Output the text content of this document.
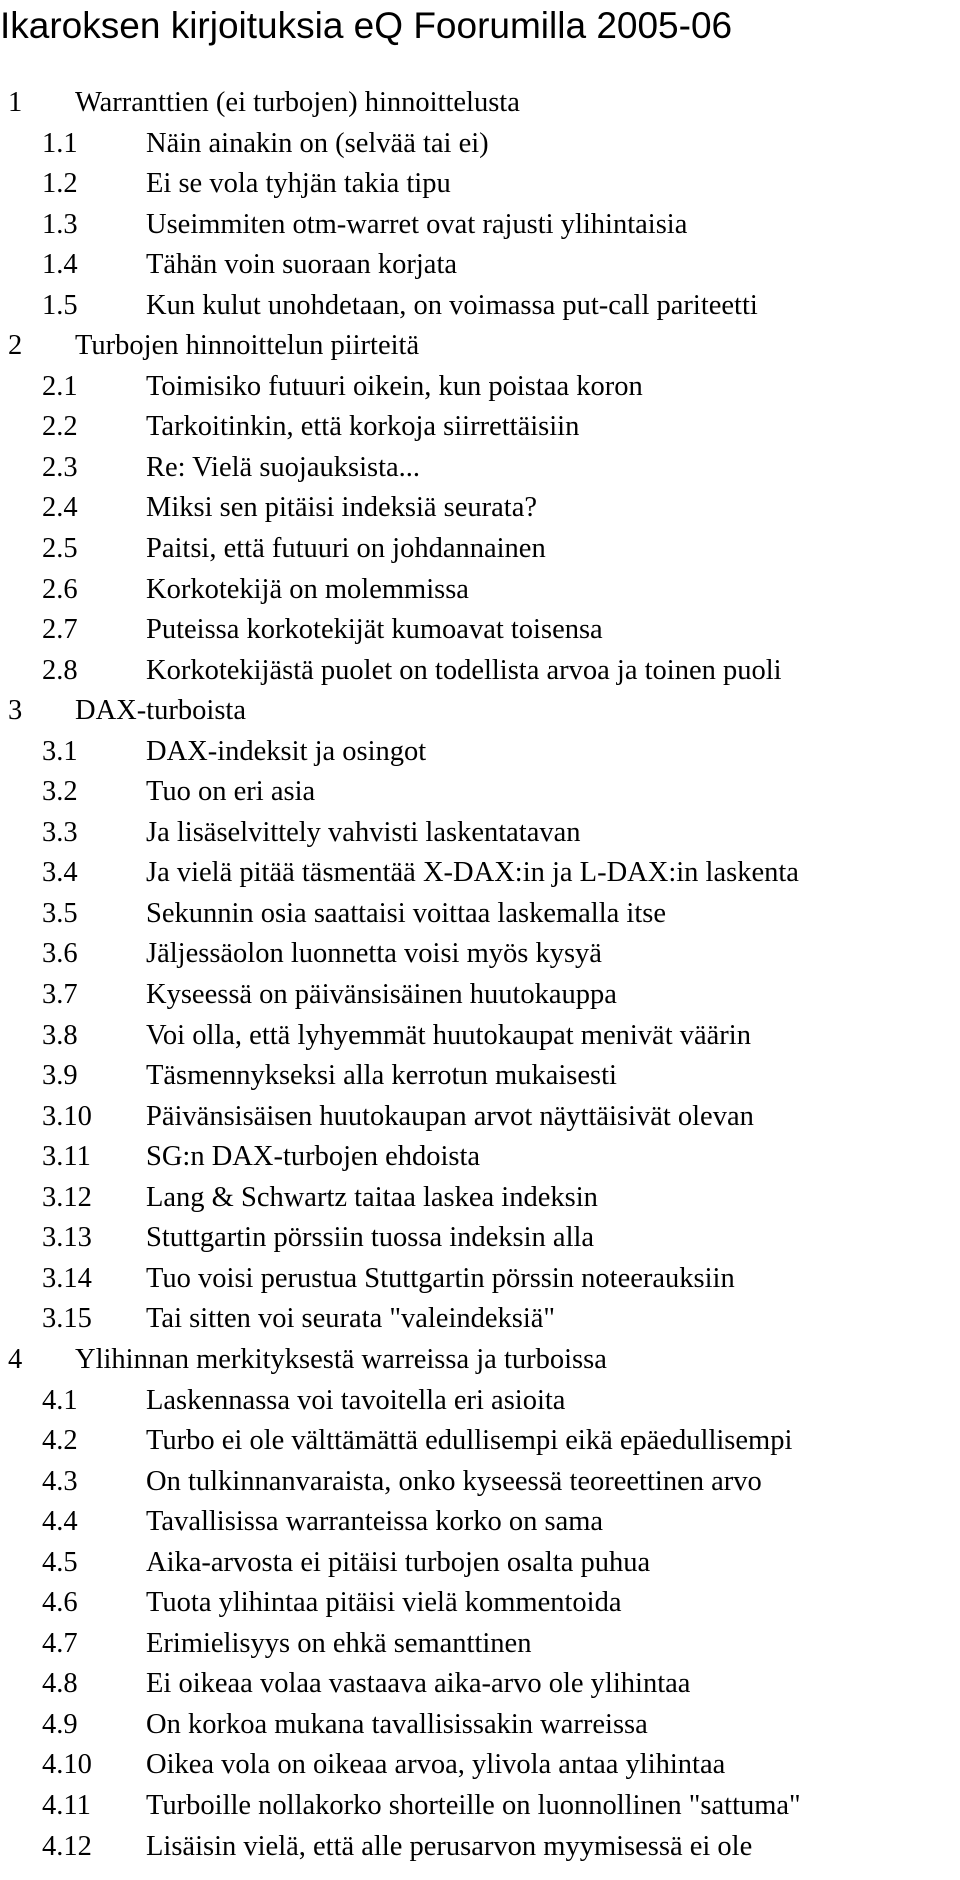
Ikaroksen kirjoituksia eQ Foorumilla 2005-06
1 Warranttien (ei turbojen) hinnoittelusta
1.1 Näin ainakin on (selvää tai ei)
1.2 Ei se vola tyhjän takia tipu
1.3 Useimmiten otm-warret ovat rajusti ylihintaisia
1.4 Tähän voin suoraan korjata
1.5 Kun kulut unohdetaan, on voimassa put-call pariteetti
2 Turbojen hinnoittelun piirteitä
2.1 Toimisiko futuuri oikein, kun poistaa koron
2.2 Tarkoitinkin, että korkoja siirrettäisiin
2.3 Re: Vielä suojauksista...
2.4 Miksi sen pitäisi indeksiä seurata?
2.5 Paitsi, että futuuri on johdannainen
2.6 Korkotekijä on molemmissa
2.7 Puteissa korkotekijät kumoavat toisensa
2.8 Korkotekijästä puolet on todellista arvoa ja toinen puoli
3 DAX-turboista
3.1 DAX-indeksit ja osingot
3.2 Tuo on eri asia
3.3 Ja lisäselvittely vahvisti laskentatavan
3.4 Ja vielä pitää täsmentää X-DAX:in ja L-DAX:in laskenta
3.5 Sekunnin osia saattaisi voittaa laskemalla itse
3.6 Jäljessäolon luonnetta voisi myös kysyä
3.7 Kyseessä on päivänsisäinen huutokauppa
3.8 Voi olla, että lyhyemmät huutokaupat menivät väärin
3.9 Täsmennykseksi alla kerrotun mukaisesti
3.10 Päivänsisäisen huutokaupan arvot näyttäisivät olevan
3.11 SG:n DAX-turbojen ehdoista
3.12 Lang & Schwartz taitaa laskea indeksin
3.13 Stuttgartin pörssiin tuossa indeksin alla
3.14 Tuo voisi perustua Stuttgartin pörssin noteerauksiin
3.15 Tai sitten voi seurata "valeindeksiä"
4 Ylihinnan merkityksestä warreissa ja turboissa
4.1 Laskennassa voi tavoitella eri asioita
4.2 Turbo ei ole välttämättä edullisempi eikä epäedullisempi
4.3 On tulkinnanvaraista, onko kyseessä teoreettinen arvo
4.4 Tavallisissa warranteissa korko on sama
4.5 Aika-arvosta ei pitäisi turbojen osalta puhua
4.6 Tuota ylihintaa pitäisi vielä kommentoida
4.7 Erimielisyys on ehkä semanttinen
4.8 Ei oikeaa volaa vastaava aika-arvo ole ylihintaa
4.9 On korkoa mukana tavallisissakin warreissa
4.10 Oikea vola on oikeaa arvoa, ylivola antaa ylihintaa
4.11 Turboille nollakorko shorteille on luonnollinen "sattuma"
4.12 Lisäisin vielä, että alle perusarvon myymisessä ei ole
